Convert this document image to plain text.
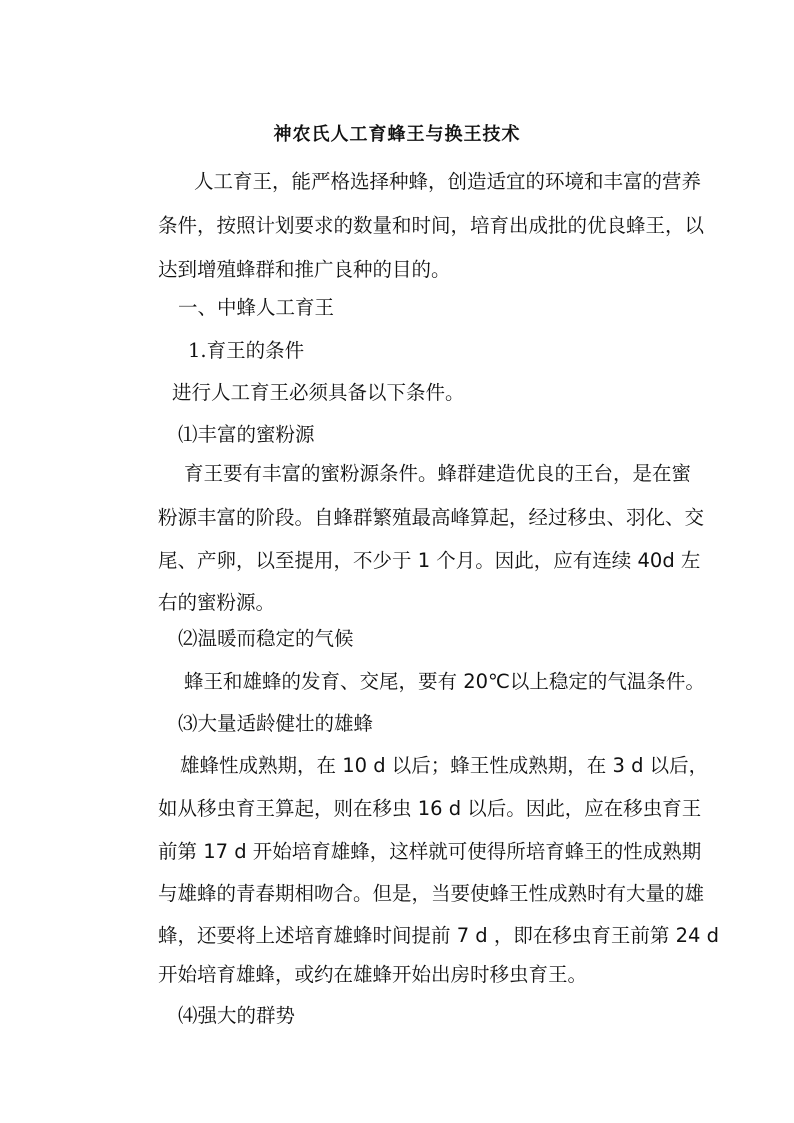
神农氏人工育蜂王与换王技术
人工育王，能严格选择种蜂，创造适宜的环境和丰富的营养
条件，按照计划要求的数量和时间，培育出成批的优良蜂王，以
达到增殖蜂群和推广良种的目的。
一、中蜂人工育王
1.育王的条件
进行人工育王必须具备以下条件。
⑴丰富的蜜粉源
育王要有丰富的蜜粉源条件。蜂群建造优良的王台，是在蜜
粉源丰富的阶段。自蜂群繁殖最高峰算起，经过移虫、羽化、交
尾、产卵，以至提用，不少于 1 个月。因此，应有连续 40d 左
右的蜜粉源。
⑵温暖而稳定的气候
蜂王和雄蜂的发育、交尾，要有 20℃以上稳定的气温条件。
⑶大量适龄健壮的雄蜂
雄蜂性成熟期，在 10 d 以后；蜂王性成熟期，在 3 d 以后，
如从移虫育王算起，则在移虫 16 d 以后。因此，应在移虫育王
前第 17 d 开始培育雄蜂，这样就可使得所培育蜂王的性成熟期
与雄蜂的青春期相吻合。但是，当要使蜂王性成熟时有大量的雄
蜂，还要将上述培育雄蜂时间提前 7 d ，即在移虫育王前第 24 d
开始培育雄蜂，或约在雄蜂开始出房时移虫育王。
⑷强大的群势
